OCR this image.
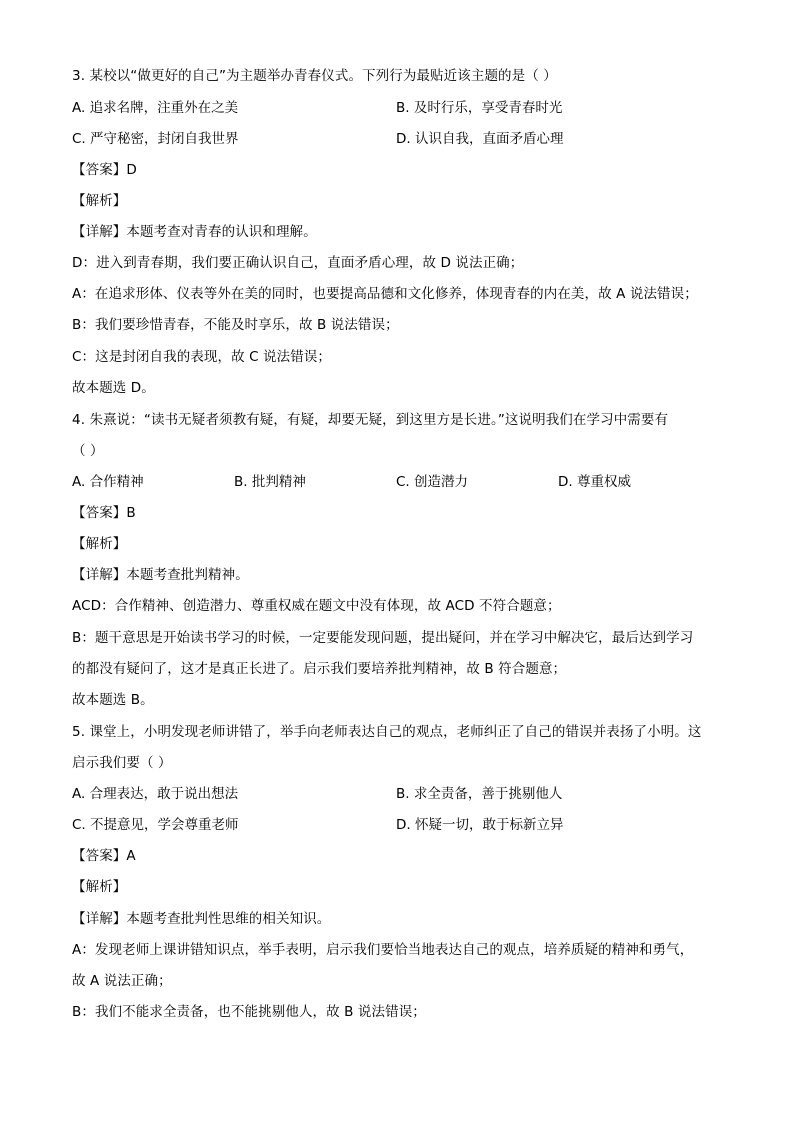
3. 某校以“做更好的自己”为主题举办青春仪式。下列行为最贴近该主题的是（ ）
A. 追求名牌，注重外在之美	B. 及时行乐，享受青春时光
C. 严守秘密，封闭自我世界	D. 认识自我，直面矛盾心理
【答案】D
【解析】
【详解】本题考查对青春的认识和理解。
D：进入到青春期，我们要正确认识自己，直面矛盾心理，故 D 说法正确；
A：在追求形体、仪表等外在美的同时，也要提高品德和文化修养，体现青春的内在美，故 A 说法错误；
B：我们要珍惜青春，不能及时享乐，故 B 说法错误；
C：这是封闭自我的表现，故 C 说法错误；
故本题选 D。
4. 朱熹说：“读书无疑者须教有疑，有疑，却要无疑，到这里方是长进。”这说明我们在学习中需要有
（ ）
A. 合作精神	B. 批判精神	C. 创造潜力	D. 尊重权威
【答案】B
【解析】
【详解】本题考查批判精神。
ACD：合作精神、创造潜力、尊重权威在题文中没有体现，故 ACD 不符合题意；
B：题干意思是开始读书学习的时候，一定要能发现问题，提出疑问，并在学习中解决它，最后达到学习
的都没有疑问了，这才是真正长进了。启示我们要培养批判精神，故 B 符合题意；
故本题选 B。
5. 课堂上，小明发现老师讲错了，举手向老师表达自己的观点，老师纠正了自己的错误并表扬了小明。这
启示我们要（ ）
A. 合理表达，敢于说出想法	B. 求全责备，善于挑剔他人
C. 不提意见，学会尊重老师	D. 怀疑一切，敢于标新立异
【答案】A
【解析】
【详解】本题考查批判性思维的相关知识。
A：发现老师上课讲错知识点，举手表明，启示我们要恰当地表达自己的观点，培养质疑的精神和勇气，
故 A 说法正确；
B：我们不能求全责备，也不能挑剔他人，故 B 说法错误；
